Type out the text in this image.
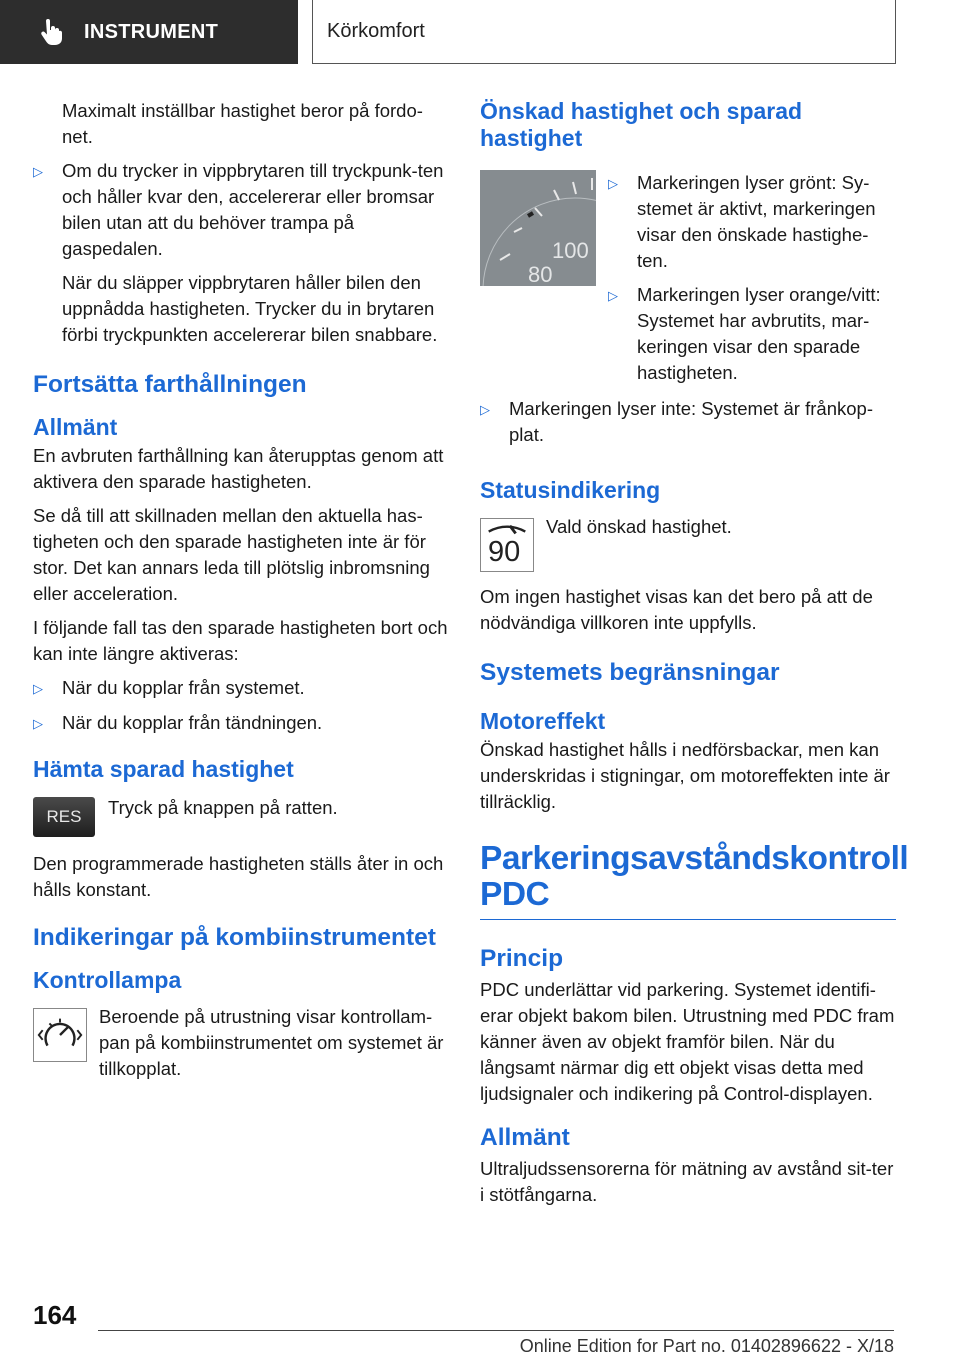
INSTRUMENT	Körkomfort

Maximalt inställbar hastighet beror på fordo-net.

▷	Om du trycker in vippbrytaren till tryckpunk-ten och håller kvar den, accelererar eller bromsar bilen utan att du behöver trampa på gaspedalen.

När du släpper vippbrytaren håller bilen den uppnådda hastigheten. Trycker du in brytaren förbi tryckpunkten accelererar bilen snabbare.

Fortsätta farthållningen
Allmänt

En avbruten farthållning kan återupptas genom att aktivera den sparade hastigheten.

Se då till att skillnaden mellan den aktuella has-tigheten och den sparade hastigheten inte är för stor. Det kan annars leda till plötslig inbromsning eller acceleration.

I följande fall tas den sparade hastigheten bort och kan inte längre aktiveras:

▷	När du kopplar från systemet.
▷	När du kopplar från tändningen.
Hämta sparad hastighet
RES Tryck på knappen på ratten.

Den programmerade hastigheten ställs åter in och hålls konstant.

Indikeringar på kombiinstrumentet
Kontrollampa

Beroende på utrustning visar kontrollam-pan på kombiinstrumentet om systemet är tillkopplat.

Önskad hastighet och sparad hastighet
100
80
▷	Markeringen lyser grönt: Sy-stemet är aktivt, markeringen visar den önskade hastighe-ten.
▷	Markeringen lyser orange/vitt: Systemet har avbrutits, mar-keringen visar den sparade hastigheten.
▷	Markeringen lyser inte: Systemet är frånkop-plat.
Statusindikering
90

Vald önskad hastighet.

Om ingen hastighet visas kan det bero på att de nödvändiga villkoren inte uppfylls.

Systemets begränsningar
Motoreffekt

Önskad hastighet hålls i nedförsbackar, men kan underskridas i stigningar, om motoreffekten inte är tillräcklig.

Parkeringsavståndskontroll PDC
Princip

PDC underlättar vid parkering. Systemet identifi-erar objekt bakom bilen. Utrustning med PDC fram känner även av objekt framför bilen. När du långsamt närmar dig ett objekt visas detta med ljudsignaler och indikering på Control-displayen.

Allmänt

Ultraljudssensorerna för mätning av avstånd sit-ter i stötfångarna.

164
Online Edition for Part no. 01402896622 - X/18
